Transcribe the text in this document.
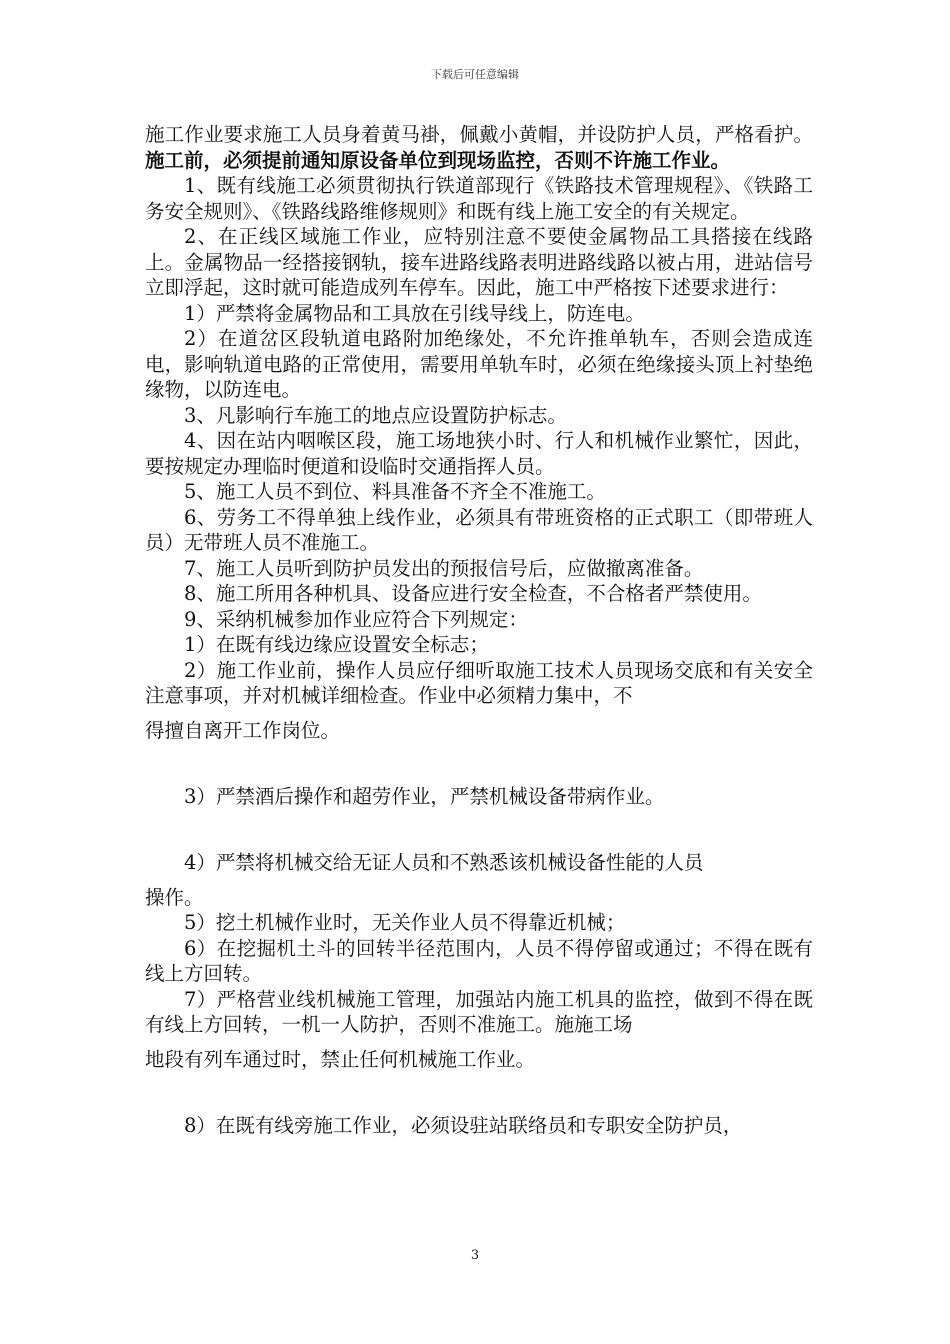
下载后可任意编辑

施工作业要求施工人员身着黄马褂，佩戴小黄帽，并设防护人员，严格看护。施工前，必须提前通知原设备单位到现场监控，否则不许施工作业。

1、既有线施工必须贯彻执行铁道部现行《铁路技术管理规程》、《铁路工务安全规则》、《铁路线路维修规则》和既有线上施工安全的有关规定。

2、在正线区域施工作业，应特别注意不要使金属物品工具搭接在线路上。金属物品一经搭接钢轨，接车进路线路表明进路线路以被占用，进站信号立即浮起，这时就可能造成列车停车。因此，施工中严格按下述要求进行：

1）严禁将金属物品和工具放在引线导线上，防连电。

2）在道岔区段轨道电路附加绝缘处，不允许推单轨车，否则会造成连电，影响轨道电路的正常使用，需要用单轨车时，必须在绝缘接头顶上衬垫绝缘物，以防连电。

3、凡影响行车施工的地点应设置防护标志。

4、因在站内咽喉区段，施工场地狭小时、行人和机械作业繁忙，因此，要按规定办理临时便道和设临时交通指挥人员。

5、施工人员不到位、料具准备不齐全不准施工。

6、劳务工不得单独上线作业，必须具有带班资格的正式职工（即带班人员）无带班人员不准施工。

7、施工人员听到防护员发出的预报信号后，应做撤离准备。

8、施工所用各种机具、设备应进行安全检查，不合格者严禁使用。

9、采纳机械参加作业应符合下列规定：

1）在既有线边缘应设置安全标志；

2）施工作业前，操作人员应仔细听取施工技术人员现场交底和有关安全注意事项，并对机械详细检查。作业中必须精力集中，不

得擅自离开工作岗位。

3）严禁酒后操作和超劳作业，严禁机械设备带病作业。

4）严禁将机械交给无证人员和不熟悉该机械设备性能的人员

操作。

5）挖土机械作业时，无关作业人员不得靠近机械；

6）在挖掘机土斗的回转半径范围内，人员不得停留或通过；不得在既有线上方回转。

7）严格营业线机械施工管理，加强站内施工机具的监控，做到不得在既有线上方回转，一机一人防护，否则不准施工。施施工场

地段有列车通过时，禁止任何机械施工作业。

8）在既有线旁施工作业，必须设驻站联络员和专职安全防护员，

3
